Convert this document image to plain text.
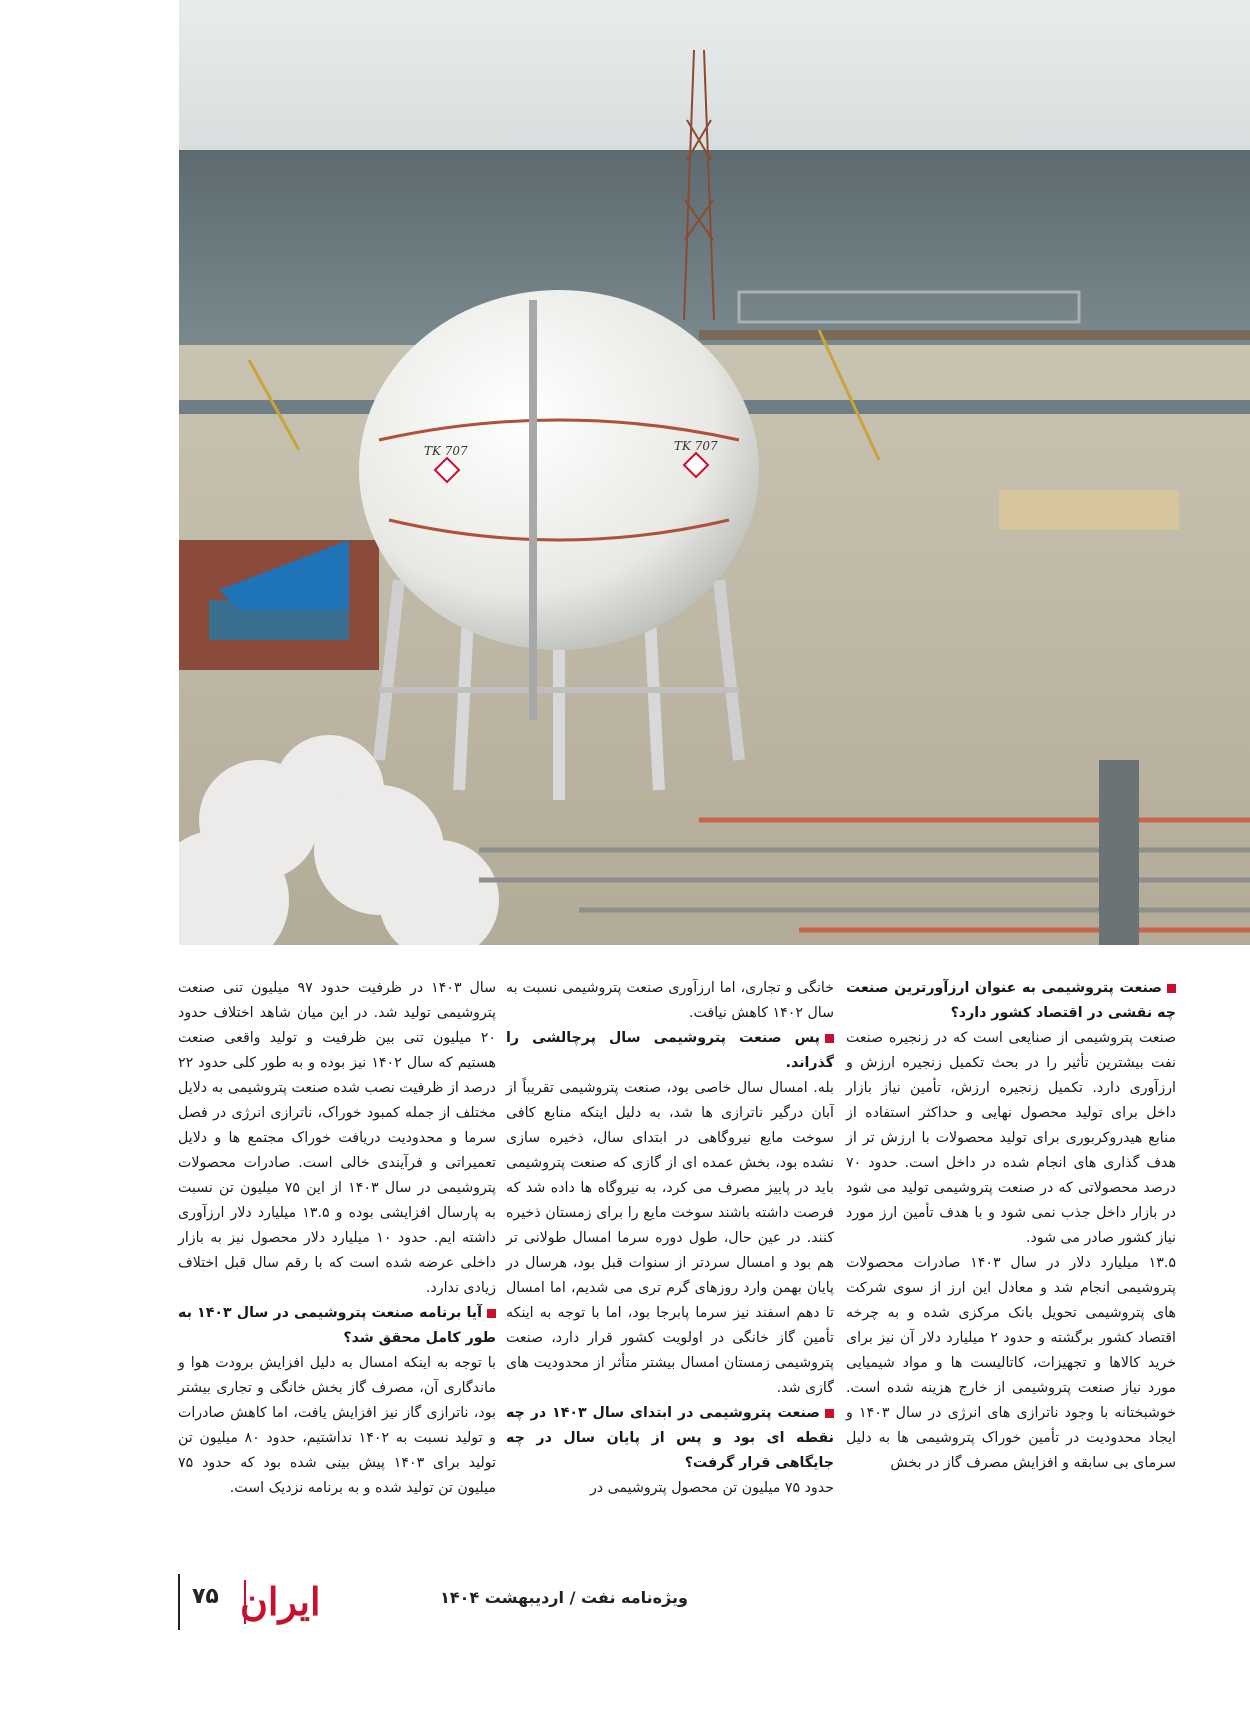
TK 707	TK 707

صنعت پتروشیمی به عنوان ارزآورترین صنعت چه نقشی در اقتصاد کشور دارد؟

صنعت پتروشیمی از صنایعی است که در زنجیره صنعت نفت بیشترین تأثیر را در بحث تکمیل زنجیره ارزش و ارزآوری دارد. تکمیل زنجیره ارزش، تأمین نیاز بازار داخل برای تولید محصول نهایی و حداکثر استفاده از منابع هیدروکربوری برای تولید محصولات با ارزش تر از هدف گذاری های انجام شده در داخل است. حدود ۷۰ درصد محصولاتی که در صنعت پتروشیمی تولید می شود در بازار داخل جذب نمی شود و با هدف تأمین ارز مورد نیاز کشور صادر می شود.

۱۳.۵ میلیارد دلار در سال ۱۴۰۳ صادرات محصولات پتروشیمی انجام شد و معادل این ارز از سوی شرکت های پتروشیمی تحویل بانک مرکزی شده و به چرخه اقتصاد کشور برگشته و حدود ۲ میلیارد دلار آن نیز برای خرید کالاها و تجهیزات، کاتالیست ها و مواد شیمیایی مورد نیاز صنعت پتروشیمی از خارج هزینه شده است. خوشبختانه با وجود ناترازی های انرژی در سال ۱۴۰۳ و ایجاد محدودیت در تأمین خوراک پتروشیمی ها به دلیل سرمای بی سابقه و افزایش مصرف گاز در بخش

خانگی و تجاری، اما ارزآوری صنعت پتروشیمی نسبت به سال ۱۴۰۲ کاهش نیافت.

پس صنعت پتروشیمی سال پرچالشی را گذراند.

بله. امسال سال خاصی بود، صنعت پتروشیمی تقریباً از آبان درگیر ناترازی ها شد، به دلیل اینکه منابع کافی سوخت مایع نیروگاهی در ابتدای سال، ذخیره سازی نشده بود، بخش عمده ای از گازی که صنعت پتروشیمی باید در پاییز مصرف می کرد، به نیروگاه ها داده شد که فرصت داشته باشند سوخت مایع را برای زمستان ذخیره کنند. در عین حال، طول دوره سرما امسال طولانی تر هم بود و امسال سردتر از سنوات قبل بود، هرسال در پایان بهمن وارد روزهای گرم تری می شدیم، اما امسال تا دهم اسفند نیز سرما پابرجا بود، اما با توجه به اینکه تأمین گاز خانگی در اولویت کشور قرار دارد، صنعت پتروشیمی زمستان امسال بیشتر متأثر از محدودیت های گازی شد.

صنعت پتروشیمی در ابتدای سال ۱۴۰۳ در چه نقطه ای بود و پس از پایان سال در چه جایگاهی قرار گرفت؟

حدود ۷۵ میلیون تن محصول پتروشیمی در

سال ۱۴۰۳ در ظرفیت حدود ۹۷ میلیون تنی صنعت پتروشیمی تولید شد. در این میان شاهد اختلاف حدود ۲۰ میلیون تنی بین ظرفیت و تولید واقعی صنعت هستیم که سال ۱۴۰۲ نیز بوده و به طور کلی حدود ۲۲ درصد از ظرفیت نصب شده صنعت پتروشیمی به دلایل مختلف از جمله کمبود خوراک، ناترازی انرژی در فصل سرما و محدودیت دریافت خوراک مجتمع ها و دلایل تعمیراتی و فرآیندی خالی است. صادرات محصولات پتروشیمی در سال ۱۴۰۳ از این ۷۵ میلیون تن نسبت به پارسال افزایشی بوده و ۱۳.۵ میلیارد دلار ارزآوری داشته ایم. حدود ۱۰ میلیارد دلار محصول نیز به بازار داخلی عرضه شده است که با رقم سال قبل اختلاف زیادی ندارد.

آیا برنامه صنعت پتروشیمی در سال ۱۴۰۳ به طور کامل محقق شد؟

با توجه به اینکه امسال به دلیل افزایش برودت هوا و ماندگاری آن، مصرف گاز بخش خانگی و تجاری بیشتر بود، ناترازی گاز نیز افزایش یافت، اما کاهش صادرات و تولید نسبت به ۱۴۰۲ نداشتیم، حدود ۸۰ میلیون تن تولید برای ۱۴۰۳ پیش بینی شده بود که حدود ۷۵ میلیون تن تولید شده و به برنامه نزدیک است.

۷۵ ایران	ویژه‌نامه نفت / اردیبهشت ۱۴۰۴
